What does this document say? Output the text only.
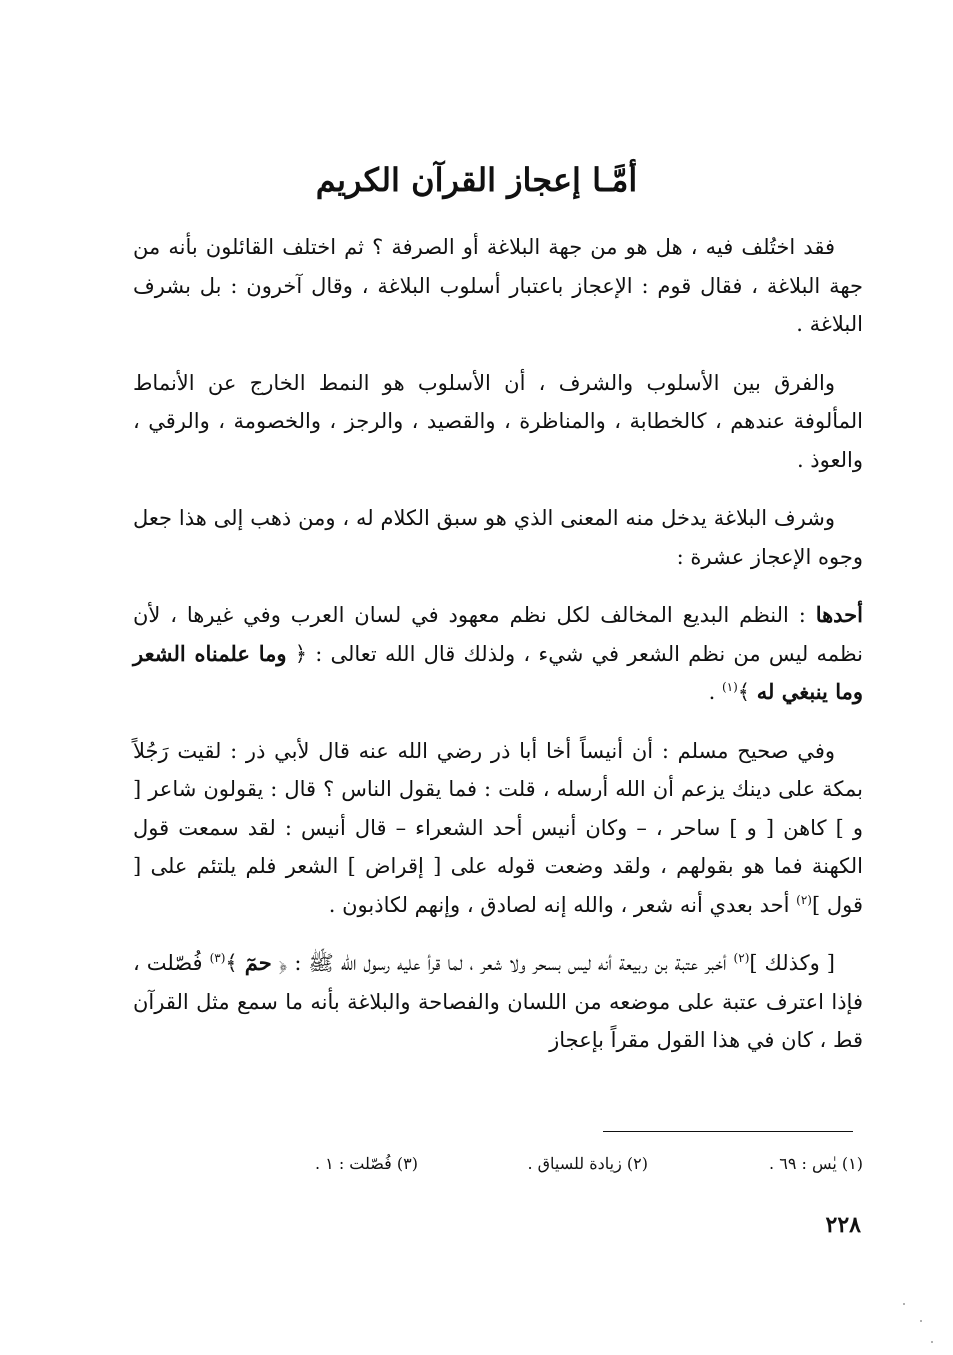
أمَّـا إعجاز القرآن الكريم

فقد اختُلف فيه ، هل هو من جهة البلاغة أو الصرفة ؟ ثم اختلف القائلون بأنه من جهة البلاغة ، فقال قوم : الإعجاز باعتبار أسلوب البلاغة ، وقال آخرون : بل بشرف البلاغة .

والفرق بين الأسلوب والشرف ، أن الأسلوب هو النمط الخارج عن الأنماط المألوفة عندهم ، كالخطابة ، والمناظرة ، والقصيد ، والرجز ، والخصومة ، والرقي ، والعوذ .

وشرف البلاغة يدخل منه المعنى الذي هو سبق الكلام له ، ومن ذهب إلى هذا جعل وجوه الإعجاز عشرة :

أحدها : النظم البديع المخالف لكل نظم معهود في لسان العرب وفي غيرها ، لأن نظمه ليس من نظم الشعر في شيء ، ولذلك قال الله تعالى : ﴿ وما علمناه الشعر وما ينبغي له ﴾$^{(١)}$ .

وفي صحيح مسلم : أن أنيساً أخا أبا ذر رضي الله عنه قال لأبي ذر : لقيت رَجُلاً بمكة على دينك يزعم أن الله أرسله ، قلت : فما يقول الناس ؟ قال : يقولون شاعر [ و ] كاهن [ و ] ساحر ، – وكان أنيس أحد الشعراء – قال أنيس : لقد سمعت قول الكهنة فما هو بقولهم ، ولقد وضعت قوله على [ إقراض ] الشعر فلم يلتئم على [ قول ]$^{(٢)}$ أحد بعدي أنه شعر ، والله إنه لصادق ، وإنهم لكاذبون .

[ وكذلك ]$^{(٢)}$ أخبر عتبة بن ربيعة أنه ليس بسحر ولا شعر ، لما قرأ عليه رسول الله ﷺ : ﴿ حمٓ ﴾$^{(٣)}$ فُصّلت ، فإذا اعترف عتبة على موضعه من اللسان والفصاحة والبلاغة بأنه ما سمع مثل القرآن قط ، كان في هذا القول مقراً بإعجاز

(١) يٰس : ٦٩ .
(٢) زيادة للسياق .
(٣) فُصّلت : ١ .
٢٢٨
